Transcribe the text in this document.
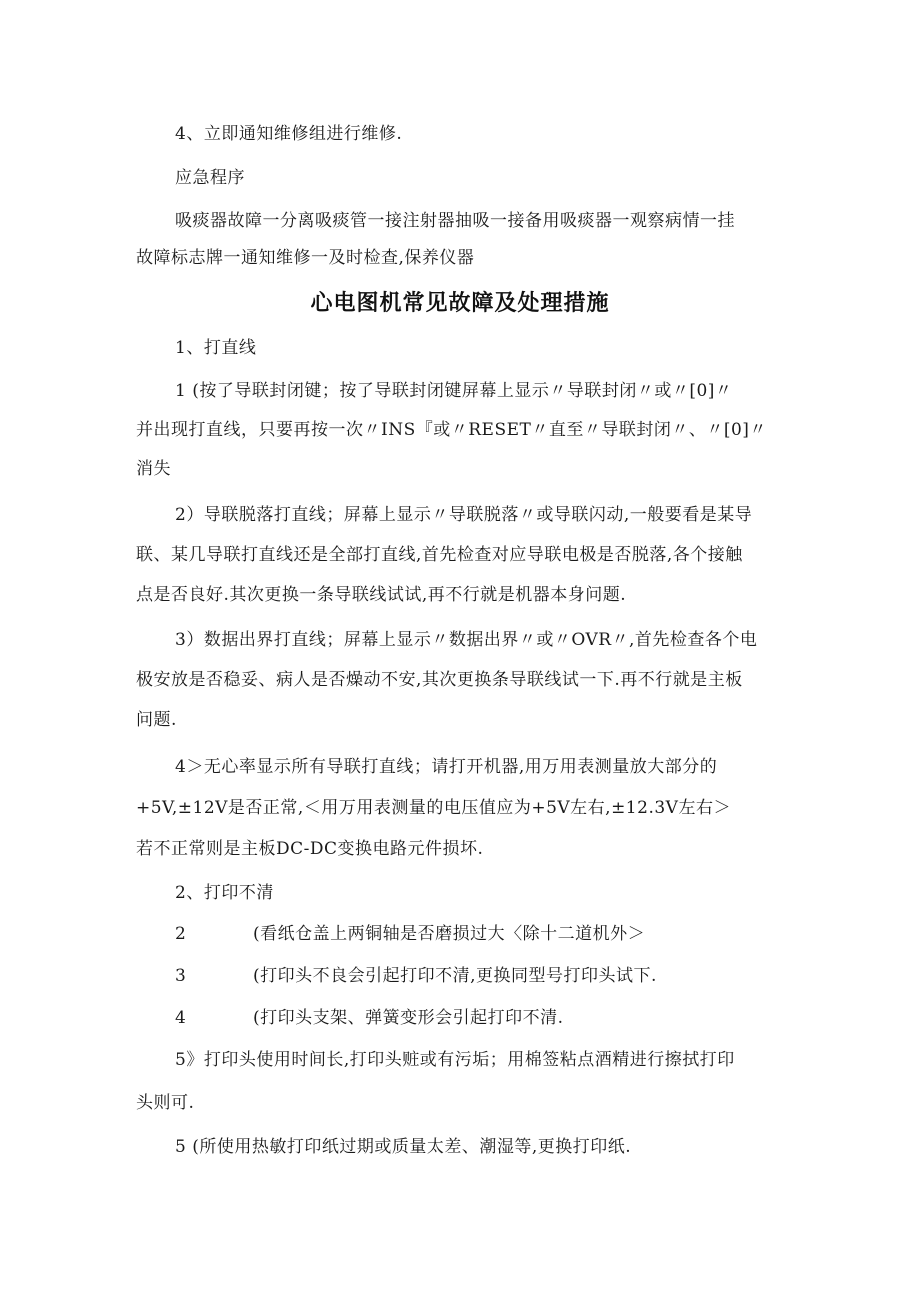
4、立即通知维修组进行维修.

应急程序

吸痰器故障一分离吸痰管一接注射器抽吸一接备用吸痰器一观察病情一挂

故障标志牌一通知维修一及时检查,保养仪器

心电图机常见故障及处理措施

1、打直线

1 (按了导联封闭键；按了导联封闭键屏幕上显示〃导联封闭〃或〃[0]〃

并出现打直线，只要再按一次〃INS『或〃RESET〃直至〃导联封闭〃、〃[0]〃

消失

2）导联脱落打直线；屏幕上显示〃导联脱落〃或导联闪动,一般要看是某导

联、某几导联打直线还是全部打直线,首先检查对应导联电极是否脱落,各个接触

点是否良好.其次更换一条导联线试试,再不行就是机器本身问题.

3）数据出界打直线；屏幕上显示〃数据出界〃或〃OVR〃,首先检查各个电

极安放是否稳妥、病人是否燥动不安,其次更换条导联线试一下.再不行就是主板

问题.

4＞无心率显示所有导联打直线；请打开机器,用万用表测量放大部分的

+5V,±12V是否正常,＜用万用表测量的电压值应为+5V左右,±12.3V左右＞

若不正常则是主板DC-DC变换电路元件损坏.

2、打印不清

2	(看纸仓盖上两铜轴是否磨损过大〈除十二道机外＞

3	(打印头不良会引起打印不清,更换同型号打印头试下.

4	(打印头支架、弹簧变形会引起打印不清.

5》打印头使用时间长,打印头赃或有污垢；用棉签粘点酒精进行擦拭打印

头则可.

5 (所使用热敏打印纸过期或质量太差、潮湿等,更换打印纸.
